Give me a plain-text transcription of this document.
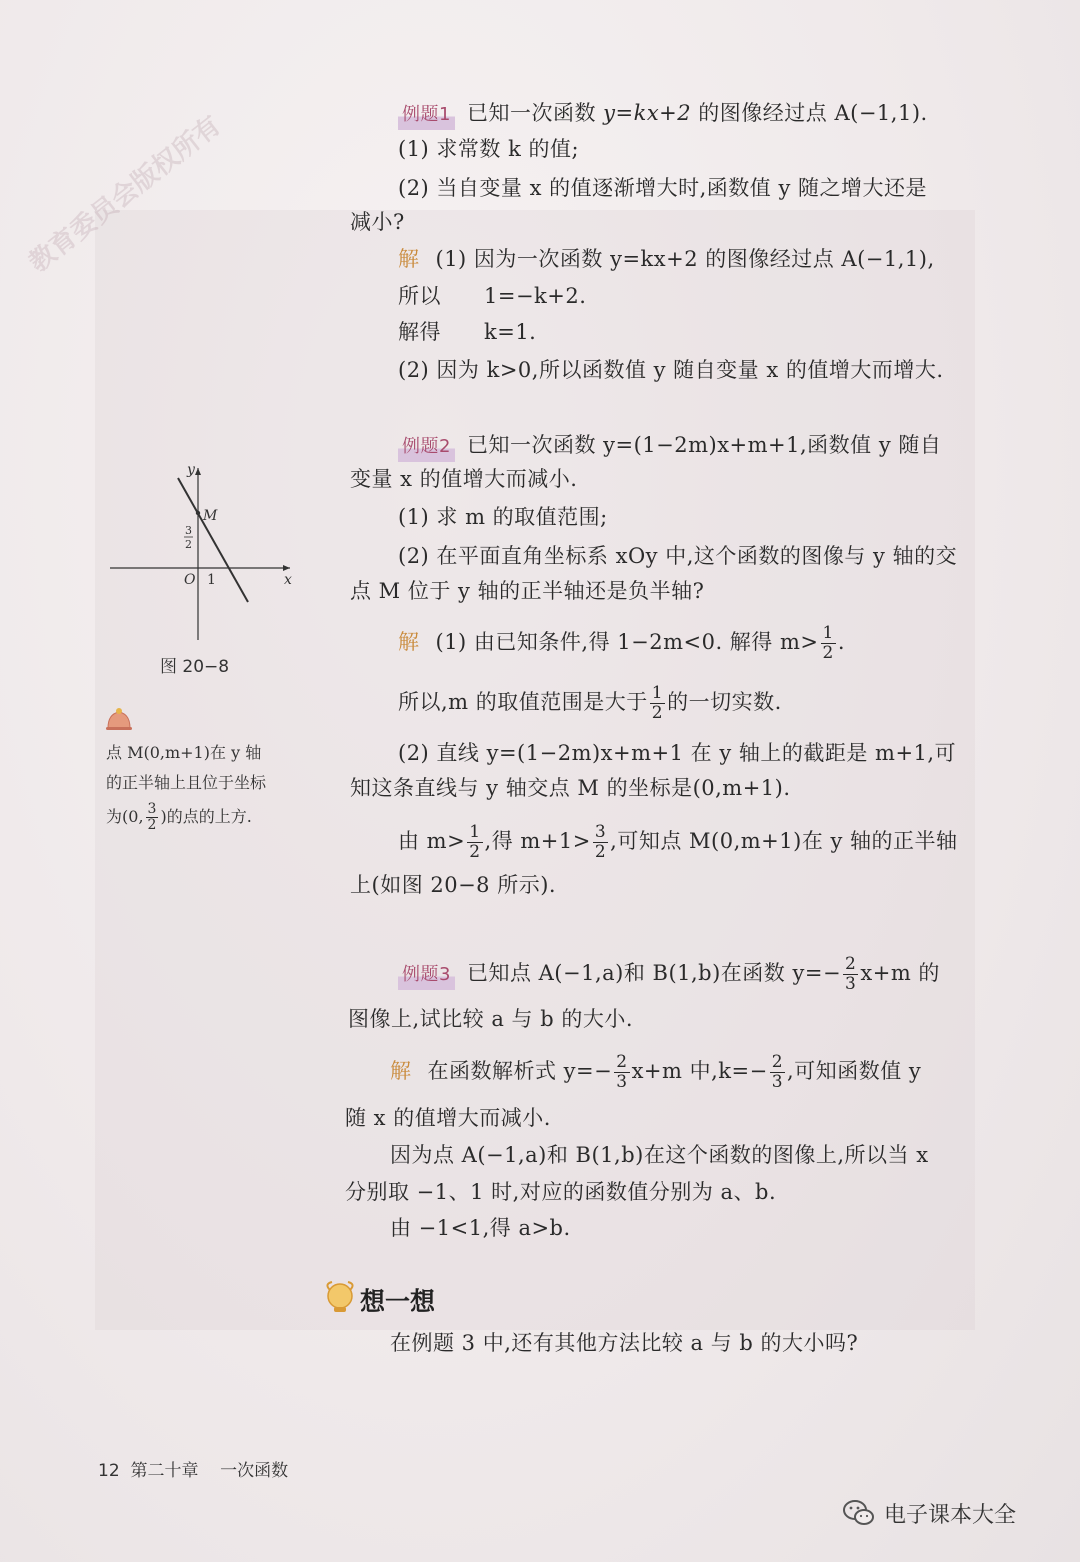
例题1 已知一次函数 y=kx+2 的图像经过点 A(−1,1).
(1) 求常数 k 的值;
(2) 当自变量 x 的值逐渐增大时,函数值 y 随之增大还是
减小?
解 (1) 因为一次函数 y=kx+2 的图像经过点 A(−1,1),
所以　　1=−k+2.
解得　　k=1.
(2) 因为 k>0,所以函数值 y 随自变量 x 的值增大而增大.
例题2 已知一次函数 y=(1−2m)x+m+1,函数值 y 随自
变量 x 的值增大而减小.
(1) 求 m 的取值范围;
(2) 在平面直角坐标系 xOy 中,这个函数的图像与 y 轴的交
点 M 位于 y 轴的正半轴还是负半轴?
解 (1) 由已知条件,得 1−2m<0. 解得 $m> \frac{1}{2}$ .
所以,m 的取值范围是大于 $\frac{1}{2}$ 的一切实数.
(2) 直线 y=(1−2m)x+m+1 在 y 轴上的截距是 m+1,可
知这条直线与 y 轴交点 M 的坐标是(0,m+1).
由 $m> \frac{1}{2}$ ,得 $m+1> \frac{3}{2}$ ,可知点 M(0,m+1)在 y 轴的正半轴
上(如图 20−8 所示).
y
x
O 1
M
3
2
图 20−8
点 M(0,m+1)在 y 轴
的正半轴上且位于坐标
为(0, $\frac{3}{2}$ )的点的上方.
例题3 已知点 A(−1,a)和 B(1,b)在函数 $y=- \frac{2}{3} x+m$ 的
图像上,试比较 a 与 b 的大小.
解 在函数解析式 $y=- \frac{2}{3} x+m$ 中$,k=- \frac{2}{3}$ ,可知函数值 y
随 x 的值增大而减小.
因为点 A(−1,a)和 B(1,b)在这个函数的图像上,所以当 x
分别取 −1、1 时,对应的函数值分别为 a、b.
由 −1<1,得 a>b.
想一想
在例题 3 中,还有其他方法比较 a 与 b 的大小吗?
教育委员会版权所有
12 第二十章 一次函数
电子课本大全
